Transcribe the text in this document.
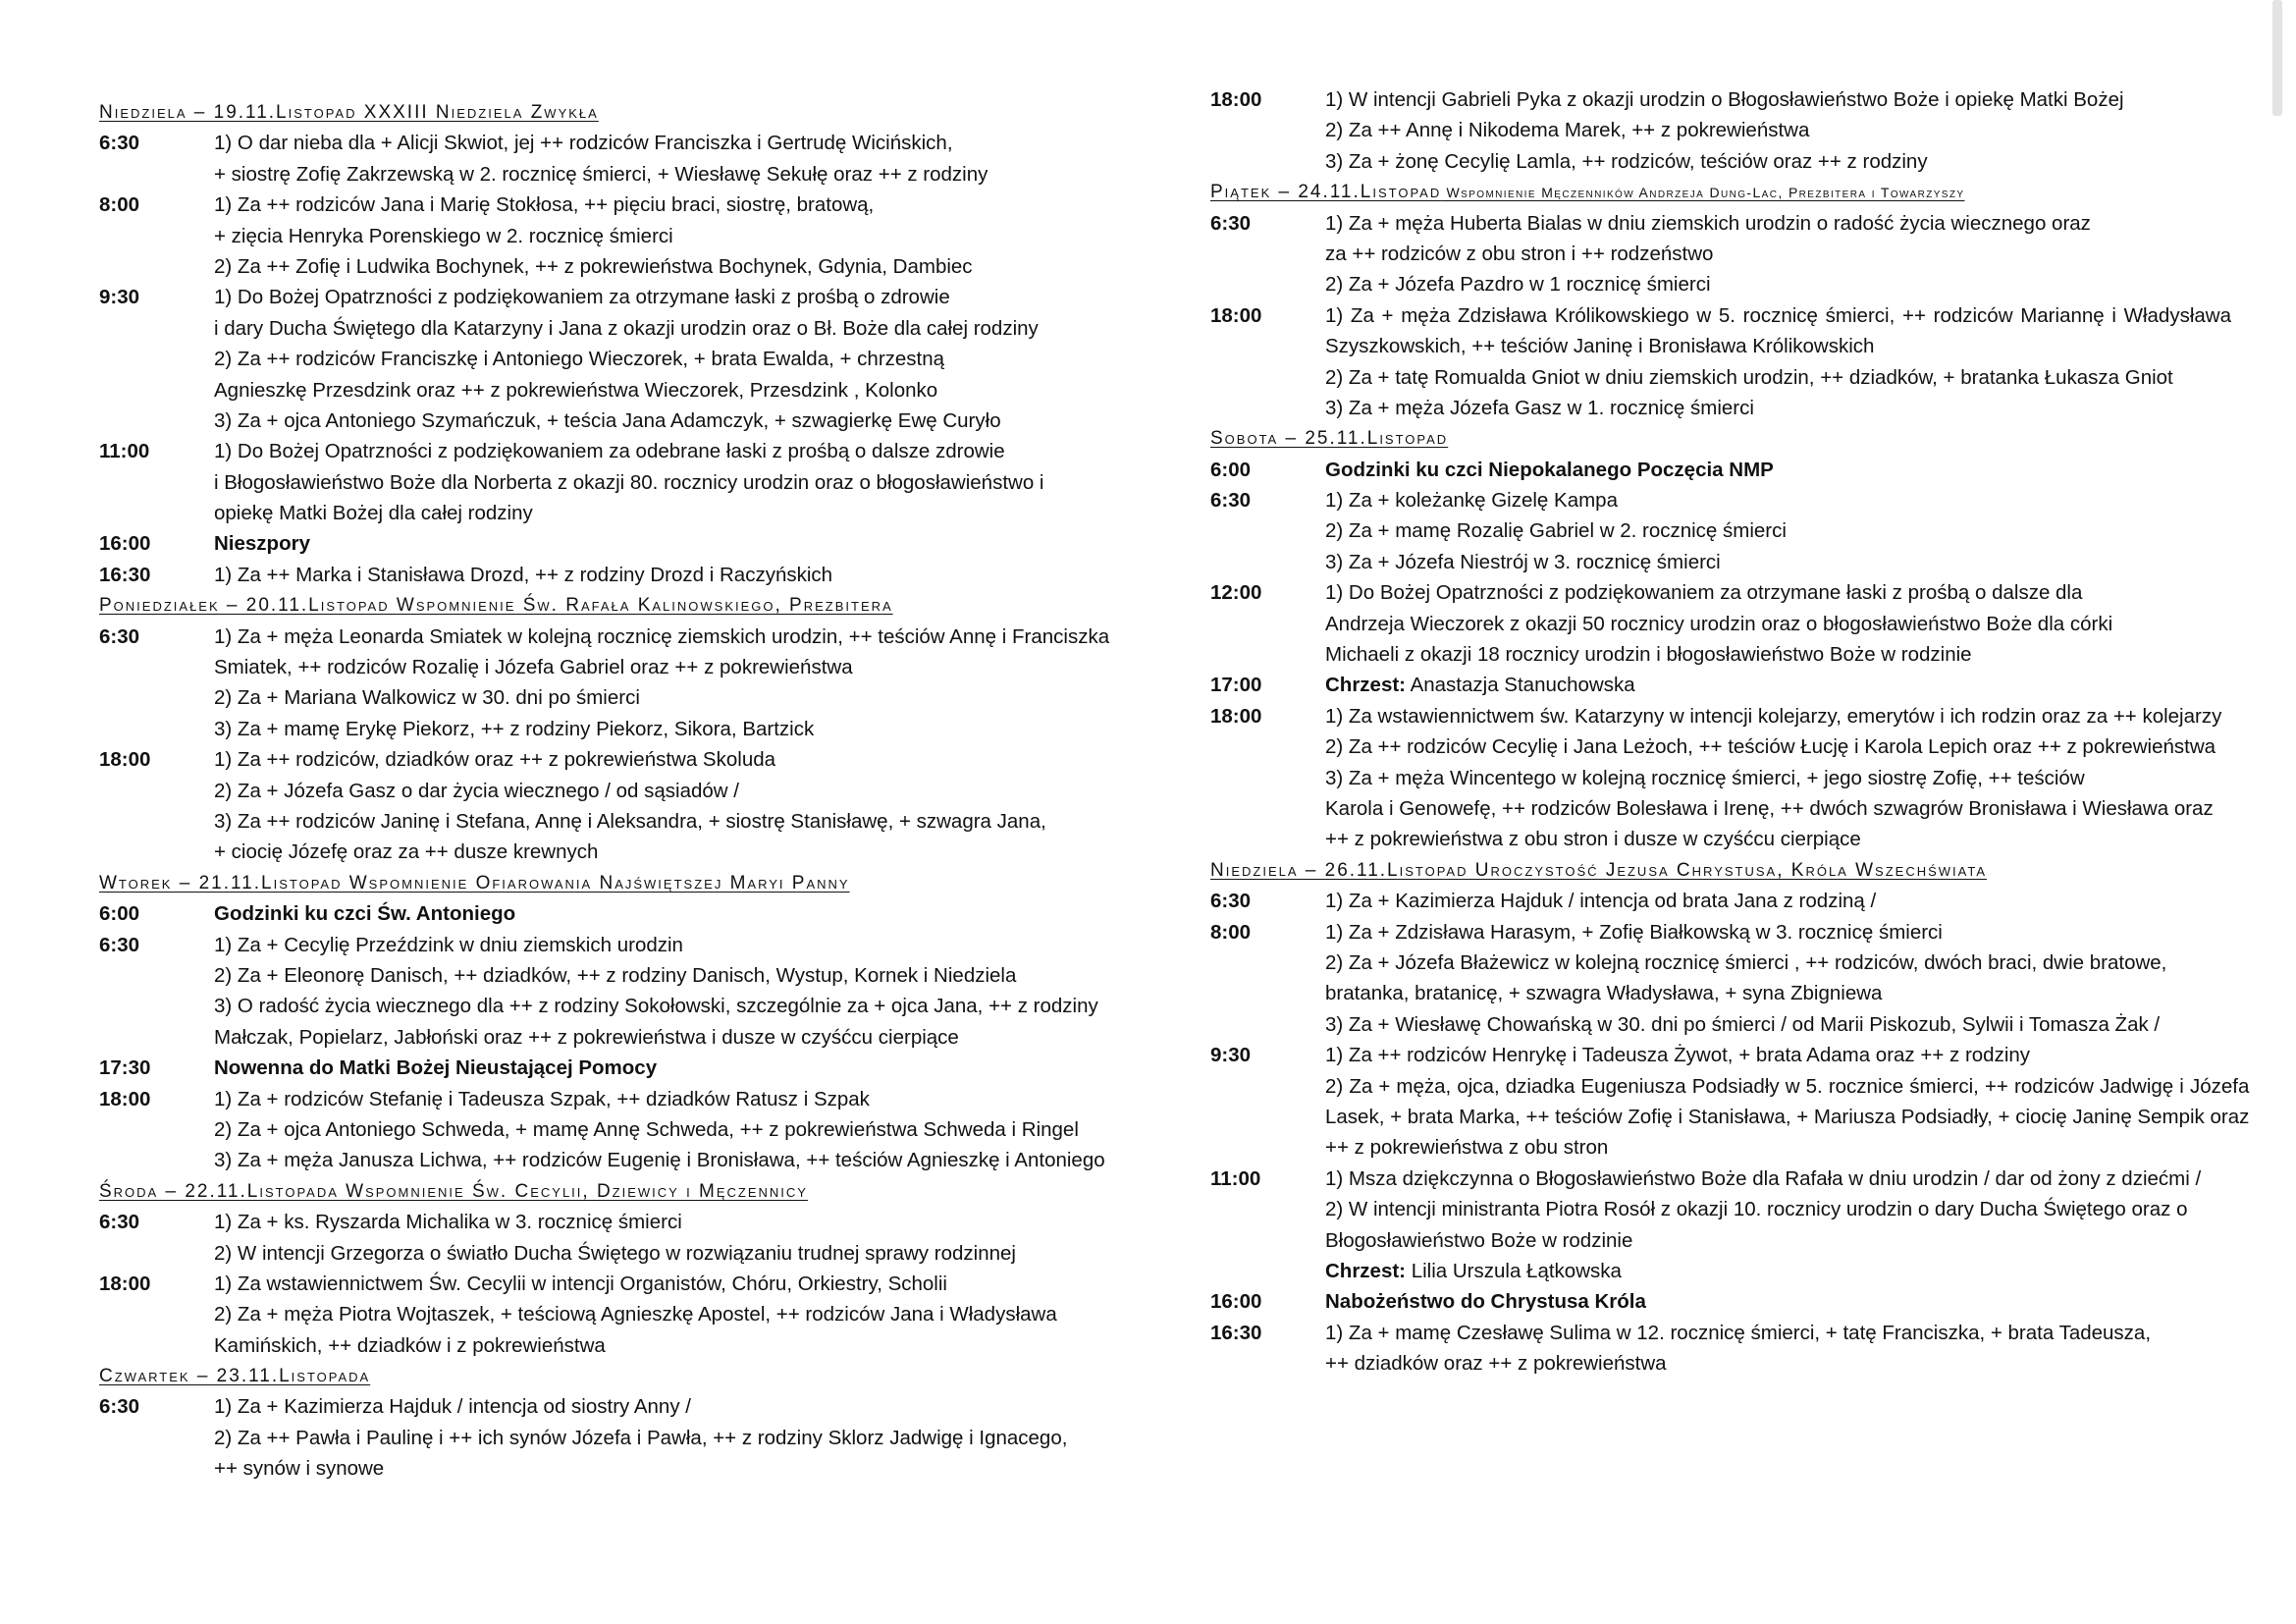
Niedziela – 19.11.Listopad XXXIII Niedziela Zwykła
6:30	1) O dar nieba dla + Alicji Skwiot, jej ++ rodziców Franciszka i Gertrudę Wicińskich,
+ siostrę Zofię Zakrzewską w 2. rocznicę śmierci, + Wiesławę Sekułę oraz ++ z rodziny
8:00	1) Za ++ rodziców Jana i Marię Stokłosa, ++ pięciu braci, siostrę, bratową,
+ zięcia Henryka Porenskiego w 2. rocznicę śmierci
2) Za ++ Zofię i Ludwika Bochynek, ++ z pokrewieństwa Bochynek, Gdynia, Dambiec
9:30	1) Do Bożej Opatrzności z podziękowaniem za otrzymane łaski z prośbą o zdrowie
i dary Ducha Świętego dla Katarzyny i Jana z okazji urodzin oraz o Bł. Boże dla całej rodziny
2) Za ++ rodziców Franciszkę i Antoniego Wieczorek, + brata Ewalda, + chrzestną
Agnieszkę Przesdzink oraz ++ z pokrewieństwa Wieczorek, Przesdzink , Kolonko
3) Za + ojca Antoniego Szymańczuk, + teścia Jana Adamczyk, + szwagierkę Ewę Curyło
11:00	1) Do Bożej Opatrzności z podziękowaniem za odebrane łaski z prośbą o dalsze zdrowie
i Błogosławieństwo Boże dla Norberta z okazji 80. rocznicy urodzin oraz o błogosławieństwo i
opiekę Matki Bożej dla całej rodziny
16:00	Nieszpory
16:30	1) Za ++ Marka i Stanisława Drozd, ++ z rodziny Drozd i Raczyńskich
Poniedziałek – 20.11.Listopad Wspomnienie Św. Rafała Kalinowskiego, Prezbitera
6:30	1) Za + męża Leonarda Smiatek w kolejną rocznicę ziemskich urodzin, ++ teściów Annę i Franciszka
Smiatek, ++ rodziców Rozalię i Józefa Gabriel oraz ++ z pokrewieństwa
2) Za + Mariana Walkowicz w 30. dni po śmierci
3) Za + mamę Erykę Piekorz, ++ z rodziny Piekorz, Sikora, Bartzick
18:00	1) Za ++ rodziców, dziadków oraz ++ z pokrewieństwa Skoluda
2) Za + Józefa Gasz o dar życia wiecznego / od sąsiadów /
3) Za ++ rodziców Janinę i Stefana, Annę i Aleksandra, + siostrę Stanisławę, + szwagra Jana,
+ ciocię Józefę oraz za ++ dusze krewnych
Wtorek – 21.11.Listopad Wspomnienie Ofiarowania Najświętszej Maryi Panny
6:00	Godzinki ku czci Św. Antoniego
6:30	1) Za + Cecylię Przeździnk w dniu ziemskich urodzin
2) Za + Eleonorę Danisch, ++ dziadków, ++ z rodziny Danisch, Wystup, Kornek i Niedziela
3) O radość życia wiecznego dla ++ z rodziny Sokołowski, szczególnie za + ojca Jana, ++ z rodziny
Małczak, Popielarz, Jabłoński oraz ++ z pokrewieństwa i dusze w czyśćcu cierpiące
17:30	Nowenna do Matki Bożej Nieustającej Pomocy
18:00	1) Za + rodziców Stefanię i Tadeusza Szpak, ++ dziadków Ratusz i Szpak
2) Za + ojca Antoniego Schweda, + mamę Annę Schweda, ++ z pokrewieństwa Schweda i Ringel
3) Za + męża Janusza Lichwa, ++ rodziców Eugenię i Bronisława, ++ teściów Agnieszkę i Antoniego
Środa – 22.11.Listopada Wspomnienie Św. Cecylii, Dziewicy i Męczennicy
6:30	1) Za + ks. Ryszarda Michalika w 3. rocznicę śmierci
2) W intencji Grzegorza o światło Ducha Świętego w rozwiązaniu trudnej sprawy rodzinnej
18:00	1) Za wstawiennictwem Św. Cecylii w intencji Organistów, Chóru, Orkiestry, Scholii
2) Za + męża Piotra Wojtaszek, + teściową Agnieszkę Apostel, ++ rodziców Jana i Władysława
Kamińskich, ++ dziadków i z pokrewieństwa
Czwartek – 23.11.Listopada
6:30	1) Za + Kazimierza Hajduk / intencja od siostry Anny /
2) Za ++ Pawła i Paulinę i ++ ich synów Józefa i Pawła, ++ z rodziny Sklorz Jadwigę i Ignacego,
++ synów i synowe
18:00	1) W intencji Gabrieli Pyka z okazji urodzin o Błogosławieństwo Boże i opiekę Matki Bożej
2) Za ++ Annę i Nikodema Marek, ++ z pokrewieństwa
3) Za + żonę Cecylię Lamla, ++ rodziców, teściów oraz ++ z rodziny
Piątek – 24.11.Listopad Wspomnienie Męczenników Andrzeja Dung-Lac, Prezbitera i Towarzyszy
6:30	1) Za + męża Huberta Bialas w dniu ziemskich urodzin o radość życia wiecznego oraz
za ++ rodziców z obu stron i ++ rodzeństwo
2) Za + Józefa Pazdro w 1 rocznicę śmierci
18:00	1) Za + męża Zdzisława Królikowskiego w 5. rocznicę śmierci, ++ rodziców Mariannę i Władysława
Szyszkowskich, ++ teściów Janinę i Bronisława Królikowskich
2) Za + tatę Romualda Gniot w dniu ziemskich urodzin, ++ dziadków, + bratanka Łukasza Gniot
3) Za + męża Józefa Gasz w 1. rocznicę śmierci
Sobota – 25.11.Listopad
6:00	Godzinki ku czci Niepokalanego Poczęcia NMP
6:30	1) Za + koleżankę Gizelę Kampa
2) Za + mamę Rozalię Gabriel w 2. rocznicę śmierci
3) Za + Józefa Niestrój w 3. rocznicę śmierci
12:00	1) Do Bożej Opatrzności z podziękowaniem za otrzymane łaski z prośbą o dalsze dla
Andrzeja Wieczorek z okazji 50 rocznicy urodzin oraz o błogosławieństwo Boże dla córki
Michaeli z okazji 18 rocznicy urodzin i błogosławieństwo Boże w rodzinie
17:00	Chrzest: Anastazja Stanuchowska
18:00	1) Za wstawiennictwem św. Katarzyny w intencji kolejarzy, emerytów i ich rodzin oraz za ++ kolejarzy
2) Za ++ rodziców Cecylię i Jana Leżoch, ++ teściów Łucję i Karola Lepich oraz ++ z pokrewieństwa
3) Za + męża Wincentego w kolejną rocznicę śmierci, + jego siostrę Zofię, ++ teściów
Karola i Genowefę, ++ rodziców Bolesława i Irenę, ++ dwóch szwagrów Bronisława i Wiesława oraz
++ z pokrewieństwa z obu stron i dusze w czyśćcu cierpiące
Niedziela – 26.11.Listopad Uroczystość Jezusa Chrystusa, Króla Wszechświata
6:30	1) Za + Kazimierza Hajduk / intencja od brata Jana z rodziną /
8:00	1) Za + Zdzisława Harasym, + Zofię Białkowską w 3. rocznicę śmierci
2) Za + Józefa Błażewicz w kolejną rocznicę śmierci , ++ rodziców, dwóch braci, dwie bratowe,
bratanka, bratanicę, + szwagra Władysława, + syna Zbigniewa
3) Za + Wiesławę Chowańską w 30. dni po śmierci / od Marii Piskozub, Sylwii i Tomasza Żak /
9:30	1) Za ++ rodziców Henrykę i Tadeusza Żywot, + brata Adama oraz ++ z rodziny
2) Za + męża, ojca, dziadka Eugeniusza Podsiadły w 5. rocznice śmierci, ++ rodziców Jadwigę i Józefa
Lasek, + brata Marka, ++ teściów Zofię i Stanisława, + Mariusza Podsiadły, + ciocię Janinę Sempik oraz
++ z pokrewieństwa z obu stron
11:00	1) Msza dziękczynna o Błogosławieństwo Boże dla Rafała w dniu urodzin / dar od żony z dziećmi /
2) W intencji ministranta Piotra Rosół z okazji 10. rocznicy urodzin o dary Ducha Świętego oraz o
Błogosławieństwo Boże w rodzinie
Chrzest: Lilia Urszula Łątkowska
16:00	Nabożeństwo do Chrystusa Króla
16:30	1) Za + mamę Czesławę Sulima w 12. rocznicę śmierci, + tatę Franciszka, + brata Tadeusza,
++ dziadków oraz ++ z pokrewieństwa
